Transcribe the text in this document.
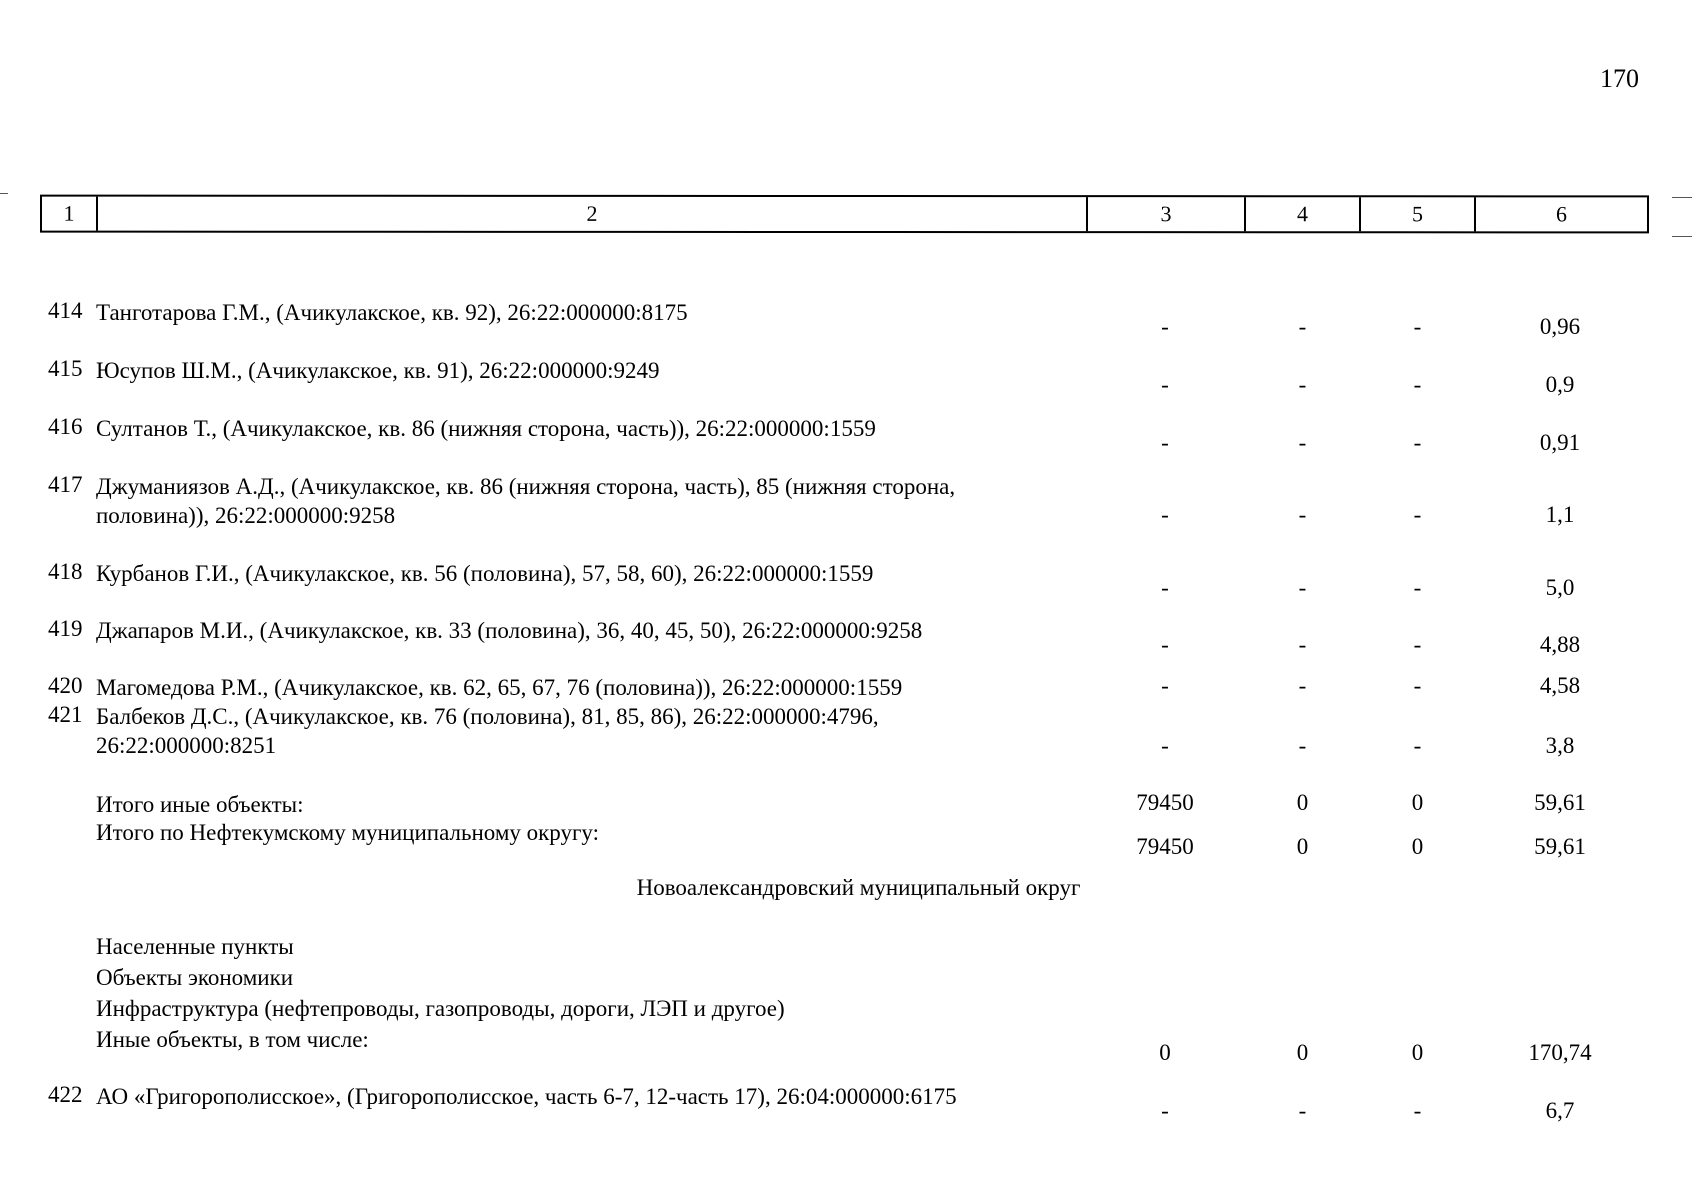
170
1	2	3	4	5	6
414 Танготарова Г.М., (Ачикулакское, кв. 92), 26:22:000000:8175
-	-	-	0,96
415 Юсупов Ш.М., (Ачикулакское, кв. 91), 26:22:000000:9249
-	-	-	0,9
416 Султанов Т., (Ачикулакское, кв. 86 (нижняя сторона, часть)), 26:22:000000:1559
-	-	-	0,91
417 Джуманиязов А.Д., (Ачикулакское, кв. 86 (нижняя сторона, часть), 85 (нижняя сторона,
половина)), 26:22:000000:9258	-	-	-	1,1
418 Курбанов Г.И., (Ачикулакское, кв. 56 (половина), 57, 58, 60), 26:22:000000:1559
-	-	-	5,0
419 Джапаров М.И., (Ачикулакское, кв. 33 (половина), 36, 40, 45, 50), 26:22:000000:9258
-	-	-	4,88
420 Магомедова Р.М., (Ачикулакское, кв. 62, 65, 67, 76 (половина)), 26:22:000000:1559	-	-	-	4,58
421 Балбеков Д.С., (Ачикулакское, кв. 76 (половина), 81, 85, 86), 26:22:000000:4796,
26:22:000000:8251	-	-	-	3,8
Итого иные объекты:	79450	0	0	59,61
Итого по Нефтекумскому муниципальному округу:
79450	0	0	59,61
Новоалександровский муниципальный округ
Населенные пункты
Объекты экономики
Инфраструктура (нефтепроводы, газопроводы, дороги, ЛЭП и другое)
Иные объекты, в том числе:
0	0	0	170,74
422 АО «Григорополисское», (Григорополисское, часть 6-7, 12-часть 17), 26:04:000000:6175
-	-	-	6,7
